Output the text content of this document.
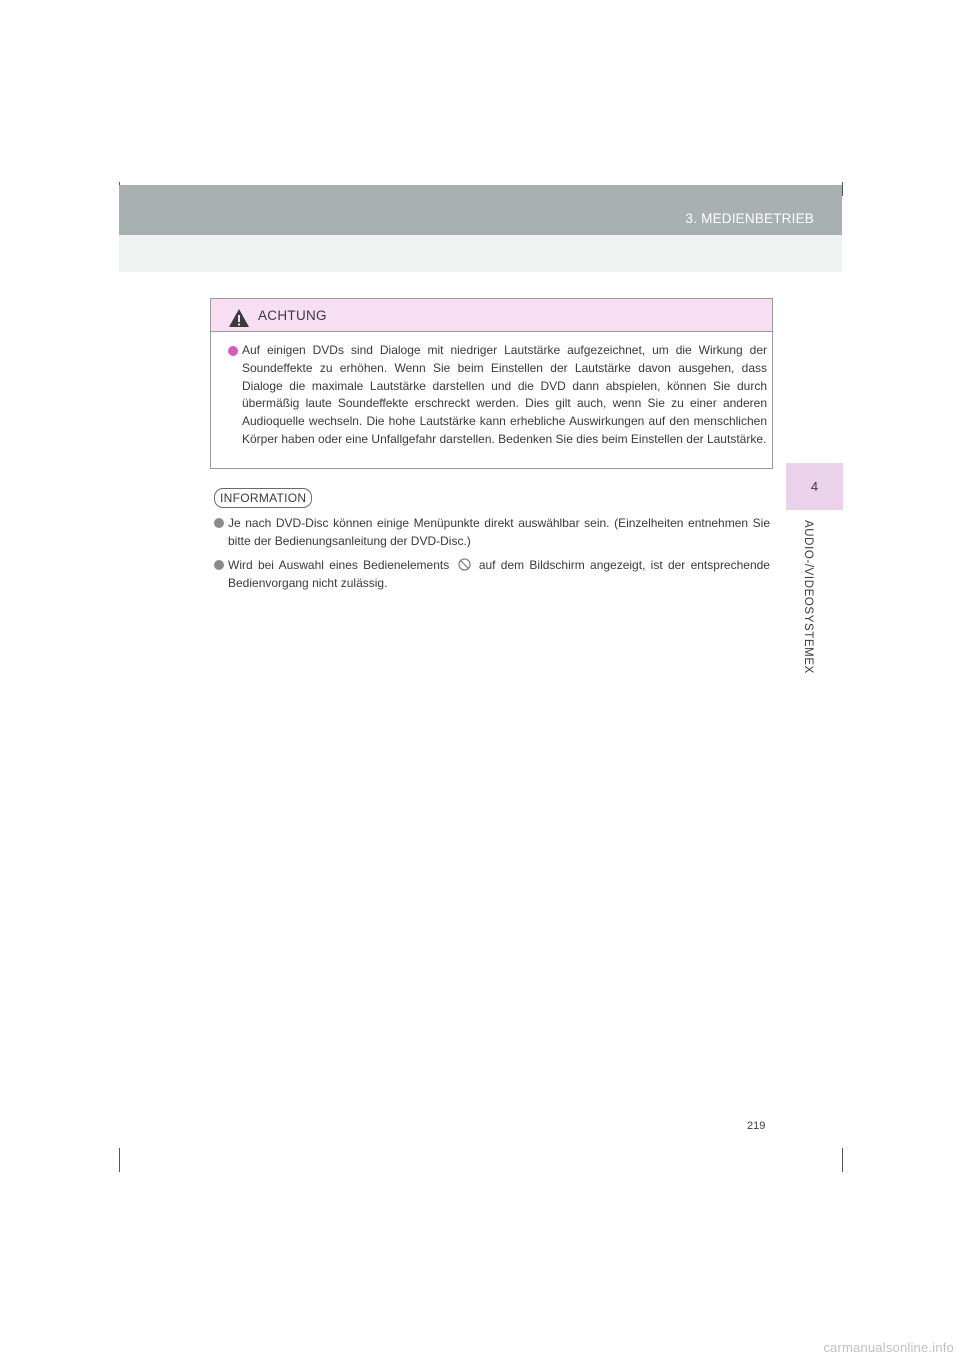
3. MEDIENBETRIEB
4
AUDIO-/VIDEOSYSTEMEX
ACHTUNG

Auf einigen DVDs sind Dialoge mit niedriger Lautstärke aufgezeichnet, um die Wirkung der Soundeffekte zu erhöhen. Wenn Sie beim Einstellen der Lautstärke davon ausgehen, dass Dialoge die maximale Lautstärke darstellen und die DVD dann abspielen, können Sie durch übermäßig laute Soundeffekte erschreckt werden. Dies gilt auch, wenn Sie zu einer anderen Audioquelle wechseln. Die hohe Lautstärke kann erhebliche Auswirkungen auf den menschlichen Körper haben oder eine Unfallgefahr darstellen. Bedenken Sie dies beim Einstellen der Lautstärke.

INFORMATION

Je nach DVD-Disc können einige Menüpunkte direkt auswählbar sein. (Einzelheiten entnehmen Sie bitte der Bedienungsanleitung der DVD-Disc.)

Wird bei Auswahl eines Bedienelements auf dem Bildschirm angezeigt, ist der entsprechende Bedienvorgang nicht zulässig.

219
carmanualsonline.info
